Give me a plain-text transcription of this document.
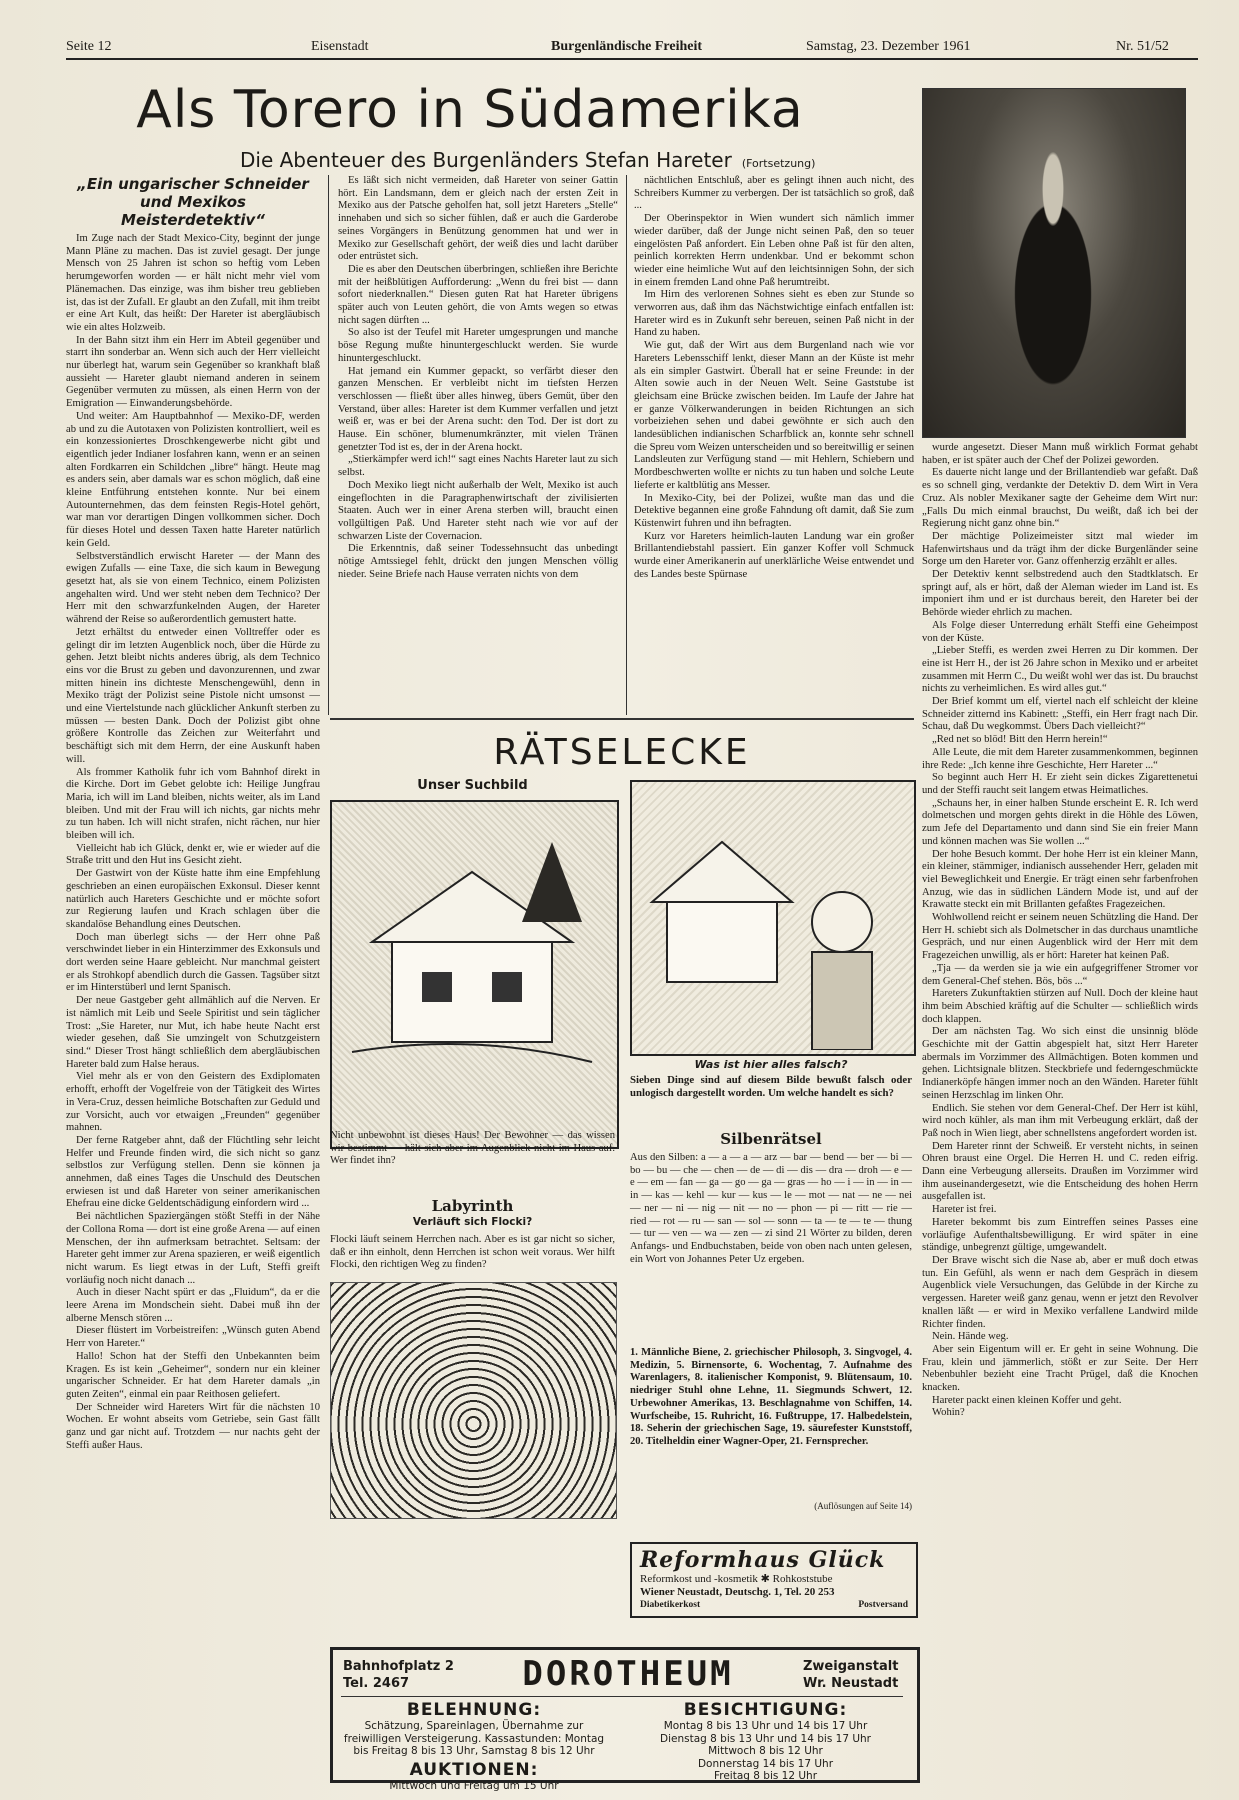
Seite 12	Eisenstadt	Burgenländische Freiheit	Samstag, 23. Dezember 1961	Nr. 51/52
Als Torero in Südamerika
Die Abenteuer des Burgenländers Stefan Hareter (Fortsetzung)
„Ein ungarischer Schneider und Mexikos Meisterdetektiv“

Im Zuge nach der Stadt Mexico-City, beginnt der junge Mann Pläne zu machen. Das ist zuviel gesagt. Der junge Mensch von 25 Jahren ist schon so heftig vom Leben herumgeworfen worden — er hält nicht mehr viel vom Plänemachen. Das einzige, was ihm bisher treu geblieben ist, das ist der Zufall. Er glaubt an den Zufall, mit ihm treibt er eine Art Kult, das heißt: Der Hareter ist abergläubisch wie ein altes Holzweib.

In der Bahn sitzt ihm ein Herr im Abteil gegenüber und starrt ihn sonderbar an. Wenn sich auch der Herr vielleicht nur überlegt hat, warum sein Gegenüber so krankhaft blaß aussieht — Hareter glaubt niemand anderen in seinem Gegenüber vermuten zu müssen, als einen Herrn von der Emigration — Einwanderungsbehörde.

Und weiter: Am Hauptbahnhof — Mexiko-DF, werden ab und zu die Autotaxen von Polizisten kontrolliert, weil es ein konzessioniertes Droschkengewerbe nicht gibt und eigentlich jeder Indianer losfahren kann, wenn er an seinen alten Fordkarren ein Schildchen „libre“ hängt. Heute mag es anders sein, aber damals war es schon möglich, daß eine kleine Entführung entstehen konnte. Nur bei einem Autounternehmen, das dem feinsten Regis-Hotel gehört, war man vor derartigen Dingen vollkommen sicher. Doch für dieses Hotel und dessen Taxen hatte Hareter natürlich kein Geld.

Selbstverständlich erwischt Hareter — der Mann des ewigen Zufalls — eine Taxe, die sich kaum in Bewegung gesetzt hat, als sie von einem Technico, einem Polizisten angehalten wird. Und wer steht neben dem Technico? Der Herr mit den schwarzfunkelnden Augen, der Hareter während der Reise so außerordentlich gemustert hatte.

Jetzt erhältst du entweder einen Volltreffer oder es gelingt dir im letzten Augenblick noch, über die Hürde zu gehen. Jetzt bleibt nichts anderes übrig, als dem Technico eins vor die Brust zu geben und davonzurennen, und zwar mitten hinein ins dichteste Menschengewühl, denn in Mexiko trägt der Polizist seine Pistole nicht umsonst — und eine Viertelstunde nach glücklicher Ankunft sterben zu müssen — besten Dank. Doch der Polizist gibt ohne größere Kontrolle das Zeichen zur Weiterfahrt und beschäftigt sich mit dem Herrn, der eine Auskunft haben will.

Als frommer Katholik fuhr ich vom Bahnhof direkt in die Kirche. Dort im Gebet gelobte ich: Heilige Jungfrau Maria, ich will im Land bleiben, nichts weiter, als im Land bleiben. Und mit der Frau will ich nichts, gar nichts mehr zu tun haben. Ich will nicht strafen, nicht rächen, nur hier bleiben will ich.

Vielleicht hab ich Glück, denkt er, wie er wieder auf die Straße tritt und den Hut ins Gesicht zieht.

Der Gastwirt von der Küste hatte ihm eine Empfehlung geschrieben an einen europäischen Exkonsul. Dieser kennt natürlich auch Hareters Geschichte und er möchte sofort zur Regierung laufen und Krach schlagen über die skandalöse Behandlung eines Deutschen.

Doch man überlegt sichs — der Herr ohne Paß verschwindet lieber in ein Hinterzimmer des Exkonsuls und dort werden seine Haare gebleicht. Nur manchmal geistert er als Strohkopf abendlich durch die Gassen. Tagsüber sitzt er im Hinterstüberl und lernt Spanisch.

Der neue Gastgeber geht allmählich auf die Nerven. Er ist nämlich mit Leib und Seele Spiritist und sein täglicher Trost: „Sie Hareter, nur Mut, ich habe heute Nacht erst wieder gesehen, daß Sie umzingelt von Schutzgeistern sind.“ Dieser Trost hängt schließlich dem abergläubischen Hareter bald zum Halse heraus.

Viel mehr als er von den Geistern des Exdiplomaten erhofft, erhofft der Vogelfreie von der Tätigkeit des Wirtes in Vera-Cruz, dessen heimliche Botschaften zur Geduld und zur Vorsicht, auch vor etwaigen „Freunden“ gegenüber mahnen.

Der ferne Ratgeber ahnt, daß der Flüchtling sehr leicht Helfer und Freunde finden wird, die sich nicht so ganz selbstlos zur Verfügung stellen. Denn sie können ja annehmen, daß eines Tages die Unschuld des Deutschen erwiesen ist und daß Hareter von seiner amerikanischen Ehefrau eine dicke Geldentschädigung einfordern wird ...

Bei nächtlichen Spaziergängen stößt Steffi in der Nähe der Collona Roma — dort ist eine große Arena — auf einen Menschen, der ihn aufmerksam betrachtet. Seltsam: der Hareter geht immer zur Arena spazieren, er weiß eigentlich nicht warum. Es liegt etwas in der Luft, Steffi greift vorläufig noch nicht danach ...

Auch in dieser Nacht spürt er das „Fluidum“, da er die leere Arena im Mondschein sieht. Dabei muß ihn der alberne Mensch stören ...

Dieser flüstert im Vorbeistreifen: „Wünsch guten Abend Herr von Hareter.“

Hallo! Schon hat der Steffi den Unbekannten beim Kragen. Es ist kein „Geheimer“, sondern nur ein kleiner ungarischer Schneider. Er hat dem Hareter damals „in guten Zeiten“, einmal ein paar Reithosen geliefert.

Der Schneider wird Hareters Wirt für die nächsten 10 Wochen. Er wohnt abseits vom Getriebe, sein Gast fällt ganz und gar nicht auf. Trotzdem — nur nachts geht der Steffi außer Haus.

Es läßt sich nicht vermeiden, daß Hareter von seiner Gattin hört. Ein Landsmann, dem er gleich nach der ersten Zeit in Mexiko aus der Patsche geholfen hat, soll jetzt Hareters „Stelle“ innehaben und sich so sicher fühlen, daß er auch die Garderobe seines Vorgängers in Benützung genommen hat und wer in Mexiko zur Gesellschaft gehört, der weiß dies und lacht darüber oder entrüstet sich.

Die es aber den Deutschen überbringen, schließen ihre Berichte mit der heißblütigen Aufforderung: „Wenn du frei bist — dann sofort niederknallen.“ Diesen guten Rat hat Hareter übrigens später auch von Leuten gehört, die von Amts wegen so etwas nicht sagen dürften ...

So also ist der Teufel mit Hareter umgesprungen und manche böse Regung mußte hinuntergeschluckt werden. Sie wurde hinuntergeschluckt.

Hat jemand ein Kummer gepackt, so verfärbt dieser den ganzen Menschen. Er verbleibt nicht im tiefsten Herzen verschlossen — fließt über alles hinweg, übers Gemüt, über den Verstand, über alles: Hareter ist dem Kummer verfallen und jetzt weiß er, was er bei der Arena sucht: den Tod. Der ist dort zu Hause. Ein schöner, blumenumkränzter, mit vielen Tränen genetzter Tod ist es, der in der Arena hockt.

„Stierkämpfer werd ich!“ sagt eines Nachts Hareter laut zu sich selbst.

Doch Mexiko liegt nicht außerhalb der Welt, Mexiko ist auch eingeflochten in die Paragraphenwirtschaft der zivilisierten Staaten. Auch wer in einer Arena sterben will, braucht einen vollgültigen Paß. Und Hareter steht nach wie vor auf der schwarzen Liste der Covernacion.

Die Erkenntnis, daß seiner Todessehnsucht das unbedingt nötige Amtssiegel fehlt, drückt den jungen Menschen völlig nieder. Seine Briefe nach Hause verraten nichts von dem

nächtlichen Entschluß, aber es gelingt ihnen auch nicht, des Schreibers Kummer zu verbergen. Der ist tatsächlich so groß, daß ...

Der Oberinspektor in Wien wundert sich nämlich immer wieder darüber, daß der Junge nicht seinen Paß, den so teuer eingelösten Paß anfordert. Ein Leben ohne Paß ist für den alten, peinlich korrekten Herrn undenkbar. Und er bekommt schon wieder eine heimliche Wut auf den leichtsinnigen Sohn, der sich in einem fremden Land ohne Paß herumtreibt.

Im Hirn des verlorenen Sohnes sieht es eben zur Stunde so verworren aus, daß ihm das Nächstwichtige einfach entfallen ist: Hareter wird es in Zukunft sehr bereuen, seinen Paß nicht in der Hand zu haben.

Wie gut, daß der Wirt aus dem Burgenland nach wie vor Hareters Lebensschiff lenkt, dieser Mann an der Küste ist mehr als ein simpler Gastwirt. Überall hat er seine Freunde: in der Alten sowie auch in der Neuen Welt. Seine Gaststube ist gleichsam eine Brücke zwischen beiden. Im Laufe der Jahre hat er ganze Völkerwanderungen in beiden Richtungen an sich vorbeiziehen sehen und dabei gewöhnte er sich auch den landesüblichen indianischen Scharfblick an, konnte sehr schnell die Spreu vom Weizen unterscheiden und so bereitwillig er seinen Landsleuten zur Verfügung stand — mit Hehlern, Schiebern und Mordbeschwerten wollte er nichts zu tun haben und solche Leute lieferte er kaltblütig ans Messer.

In Mexiko-City, bei der Polizei, wußte man das und die Detektive begannen eine große Fahndung oft damit, daß Sie zum Küstenwirt fuhren und ihn befragten.

Kurz vor Hareters heimlich-lauten Landung war ein großer Brillantendiebstahl passiert. Ein ganzer Koffer voll Schmuck wurde einer Amerikanerin auf unerklärliche Weise entwendet und des Landes beste Spürnase

wurde angesetzt. Dieser Mann muß wirklich Format gehabt haben, er ist später auch der Chef der Polizei geworden.

Es dauerte nicht lange und der Brillantendieb war gefaßt. Daß es so schnell ging, verdankte der Detektiv D. dem Wirt in Vera Cruz. Als nobler Mexikaner sagte der Geheime dem Wirt nur: „Falls Du mich einmal brauchst, Du weißt, daß ich bei der Regierung nicht ganz ohne bin.“

Der mächtige Polizeimeister sitzt mal wieder im Hafenwirtshaus und da trägt ihm der dicke Burgenländer seine Sorge um den Hareter vor. Ganz offenherzig erzählt er alles.

Der Detektiv kennt selbstredend auch den Stadtklatsch. Er springt auf, als er hört, daß der Aleman wieder im Land ist. Es imponiert ihm und er ist durchaus bereit, den Hareter bei der Behörde wieder ehrlich zu machen.

Als Folge dieser Unterredung erhält Steffi eine Geheimpost von der Küste.

„Lieber Steffi, es werden zwei Herren zu Dir kommen. Der eine ist Herr H., der ist 26 Jahre schon in Mexiko und er arbeitet zusammen mit Herrn C., Du weißt wohl wer das ist. Du brauchst nichts zu verheimlichen. Es wird alles gut.“

Der Brief kommt um elf, viertel nach elf schleicht der kleine Schneider zitternd ins Kabinett: „Steffi, ein Herr fragt nach Dir. Schau, daß Du wegkommst. Übers Dach vielleicht?“

„Red net so blöd! Bitt den Herrn herein!“

Alle Leute, die mit dem Hareter zusammenkommen, beginnen ihre Rede: „Ich kenne ihre Geschichte, Herr Hareter ...“

So beginnt auch Herr H. Er zieht sein dickes Zigarettenetui und der Steffi raucht seit langem etwas Heimatliches.

„Schauns her, in einer halben Stunde erscheint E. R. Ich werd dolmetschen und morgen gehts direkt in die Höhle des Löwen, zum Jefe del Departamento und dann sind Sie ein freier Mann und können machen was Sie wollen ...“

Der hohe Besuch kommt. Der hohe Herr ist ein kleiner Mann, ein kleiner, stämmiger, indianisch aussehender Herr, geladen mit viel Beweglichkeit und Energie. Er trägt einen sehr farbenfrohen Anzug, wie das in südlichen Ländern Mode ist, und auf der Krawatte steckt ein mit Brillanten gefaßtes Fragezeichen.

Wohlwollend reicht er seinem neuen Schützling die Hand. Der Herr H. schiebt sich als Dolmetscher in das durchaus unamtliche Gespräch, und nur einen Augenblick wird der Herr mit dem Fragezeichen unwillig, als er hört: Hareter hat keinen Paß.

„Tja — da werden sie ja wie ein aufgegriffener Stromer vor dem General-Chef stehen. Bös, bös ...“

Hareters Zukunftaktien stürzen auf Null. Doch der kleine haut ihm beim Abschied kräftig auf die Schulter — schließlich wirds doch klappen.

Der am nächsten Tag. Wo sich einst die unsinnig blöde Geschichte mit der Gattin abgespielt hat, sitzt Herr Hareter abermals im Vorzimmer des Allmächtigen. Boten kommen und gehen. Lichtsignale blitzen. Steckbriefe und federngeschmückte Indianerköpfe hängen immer noch an den Wänden. Hareter fühlt seinen Herzschlag im linken Ohr.

Endlich. Sie stehen vor dem General-Chef. Der Herr ist kühl, wird noch kühler, als man ihm mit Verbeugung erklärt, daß der Paß noch in Wien liegt, aber schnellstens angefordert worden ist.

Dem Hareter rinnt der Schweiß. Er versteht nichts, in seinen Ohren braust eine Orgel. Die Herren H. und C. reden eifrig. Dann eine Verbeugung allerseits. Draußen im Vorzimmer wird ihm auseinandergesetzt, wie die Entscheidung des hohen Herrn ausgefallen ist.

Hareter ist frei.

Hareter bekommt bis zum Eintreffen seines Passes eine vorläufige Aufenthaltsbewilligung. Er wird später in eine ständige, unbegrenzt gültige, umgewandelt.

Der Brave wischt sich die Nase ab, aber er muß doch etwas tun. Ein Gefühl, als wenn er nach dem Gespräch in diesem Augenblick viele Versuchungen, das Gelübde in der Kirche zu vergessen. Hareter weiß ganz genau, wenn er jetzt den Revolver knallen läßt — er wird in Mexiko verfallene Landwird milde Richter finden.

Nein. Hände weg.

Aber sein Eigentum will er. Er geht in seine Wohnung. Die Frau, klein und jämmerlich, stößt er zur Seite. Der Herr Nebenbuhler bezieht eine Tracht Prügel, daß die Knochen knacken.

Hareter packt einen kleinen Koffer und geht.

Wohin?

RÄTSELECKE
Unser Suchbild
Nicht unbewohnt ist dieses Haus! Der Bewohner — das wissen wir bestimmt — hält sich aber im Augenblick nicht im Haus auf. Wer findet ihn?
Was ist hier alles falsch?
Sieben Dinge sind auf diesem Bilde bewußt falsch oder unlogisch dargestellt worden. Um welche handelt es sich?
Silbenrätsel
Aus den Silben: a — a — a — arz — bar — bend — ber — bi — bo — bu — che — chen — de — di — dis — dra — droh — e — e — em — fan — ga — go — ga — gras — ho — i — in — in — in — kas — kehl — kur — kus — le — mot — nat — ne — nei — ner — ni — nig — nit — no — phon — pi — ritt — rie — ried — rot — ru — san — sol — sonn — ta — te — te — thung — tur — ven — wa — zen — zi sind 21 Wörter zu bilden, deren Anfangs- und Endbuchstaben, beide von oben nach unten gelesen, ein Wort von Johannes Peter Uz ergeben.
1. Männliche Biene, 2. griechischer Philosoph, 3. Singvogel, 4. Medizin, 5. Birnensorte, 6. Wochentag, 7. Aufnahme des Warenlagers, 8. italienischer Komponist, 9. Blütensaum, 10. niedriger Stuhl ohne Lehne, 11. Siegmunds Schwert, 12. Urbewohner Amerikas, 13. Beschlagnahme von Schiffen, 14. Wurfscheibe, 15. Ruhricht, 16. Fußtruppe, 17. Halbedelstein, 18. Seherin der griechischen Sage, 19. säurefester Kunststoff, 20. Titelheldin einer Wagner-Oper, 21. Fernsprecher.
(Auflösungen auf Seite 14)
Labyrinth
Verläuft sich Flocki?
Flocki läuft seinem Herrchen nach. Aber es ist gar nicht so sicher, daß er ihn einholt, denn Herrchen ist schon weit voraus. Wer hilft Flocki, den richtigen Weg zu finden?
Reformhaus Glück
Reformkost und -kosmetik ✱ Rohkoststube
Wiener Neustadt, Deutschg. 1, Tel. 20 253
Diabetikerkost	Postversand
Bahnhofplatz 2
Tel. 2467	DOROTHEUM	Zweiganstalt
Wr. Neustadt
BELEHNUNG:
Schätzung, Spareinlagen, Übernahme zur freiwilligen Versteigerung. Kassastunden: Montag bis Freitag 8 bis 13 Uhr, Samstag 8 bis 12 Uhr
AUKTIONEN:
Mittwoch und Freitag um 15 Uhr
BESICHTIGUNG:
Montag 8 bis 13 Uhr und 14 bis 17 Uhr
Dienstag 8 bis 13 Uhr und 14 bis 17 Uhr
Mittwoch 8 bis 12 Uhr
Donnerstag 14 bis 17 Uhr
Freitag 8 bis 12 Uhr
